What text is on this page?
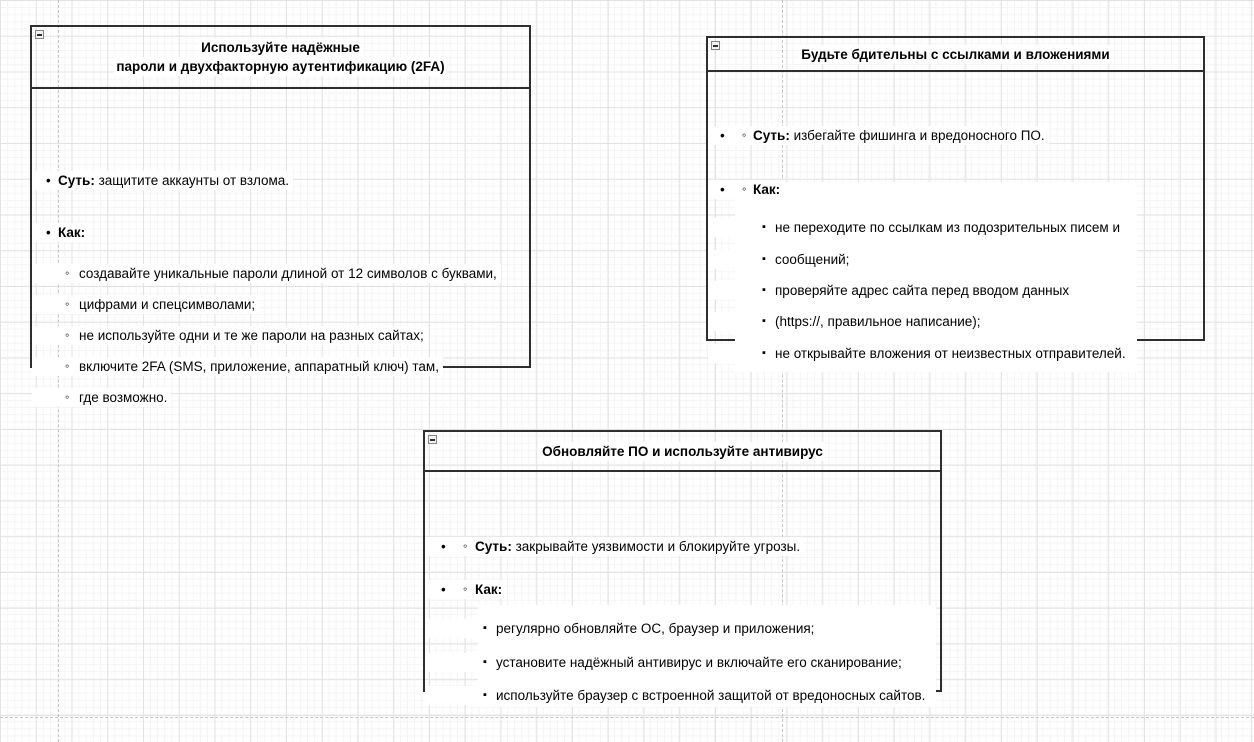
Используйте надёжные
пароли и двухфакторную аутентификацию (2FA)
• Суть: защитите аккаунты от взлома.
• Как:
◦ создавайте уникальные пароли длиной от 12 символов с буквами,
◦ цифрами и спецсимволами;
◦ не используйте одни и те же пароли на разных сайтах;
◦ включите 2FA (SMS, приложение, аппаратный ключ) там,
◦ где возможно.
Будьте бдительны с ссылками и вложениями
• ◦ Суть: избегайте фишинга и вредоносного ПО.
• ◦ Как:
▪ не переходите по ссылкам из подозрительных писем и
▪ сообщений;
▪ проверяйте адрес сайта перед вводом данных
▪ (https://, правильное написание);
▪ не открывайте вложения от неизвестных отправителей.
Обновляйте ПО и используйте антивирус
• ◦ Суть: закрывайте уязвимости и блокируйте угрозы.
• ◦ Как:
▪ регулярно обновляйте ОС, браузер и приложения;
▪ установите надёжный антивирус и включайте его сканирование;
▪ используйте браузер с встроенной защитой от вредоносных сайтов.
